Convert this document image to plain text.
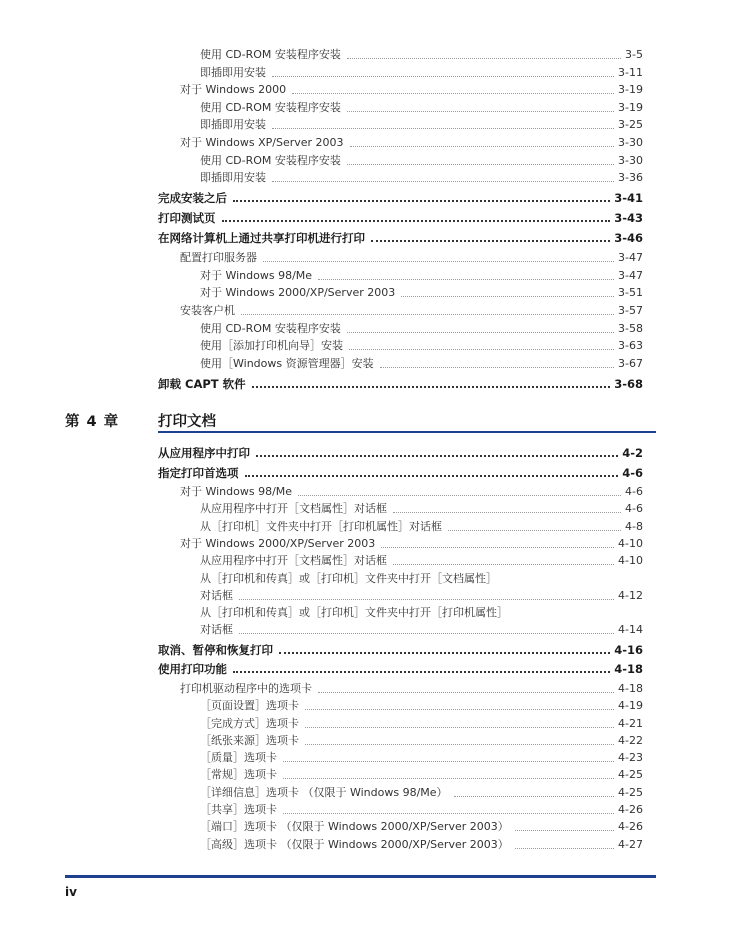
使用 CD-ROM 安装程序安装	3-5
即插即用安装	3-11
对于 Windows 2000	3-19
使用 CD-ROM 安装程序安装	3-19
即插即用安装	3-25
对于 Windows XP/Server 2003	3-30
使用 CD-ROM 安装程序安装	3-30
即插即用安装	3-36
完成安装之后	3-41
打印测试页	3-43
在网络计算机上通过共享打印机进行打印	3-46
配置打印服务器	3-47
对于 Windows 98/Me	3-47
对于 Windows 2000/XP/Server 2003	3-51
安装客户机	3-57
使用 CD-ROM 安装程序安装	3-58
使用［添加打印机向导］安装	3-63
使用［Windows 资源管理器］安装	3-67
卸载 CAPT 软件	3-68
第 4 章	打印文档
从应用程序中打印	4-2
指定打印首选项	4-6
对于 Windows 98/Me	4-6
从应用程序中打开［文档属性］对话框	4-6
从［打印机］文件夹中打开［打印机属性］对话框	4-8
对于 Windows 2000/XP/Server 2003	4-10
从应用程序中打开［文档属性］对话框	4-10
从［打印机和传真］或［打印机］文件夹中打开［文档属性］
对话框	4-12
从［打印机和传真］或［打印机］文件夹中打开［打印机属性］
对话框	4-14
取消、暂停和恢复打印	4-16
使用打印功能	4-18
打印机驱动程序中的选项卡	4-18
［页面设置］选项卡	4-19
［完成方式］选项卡	4-21
［纸张来源］选项卡	4-22
［质量］选项卡	4-23
［常规］选项卡	4-25
［详细信息］选项卡 （仅限于 Windows 98/Me）	4-25
［共享］选项卡	4-26
［端口］选项卡 （仅限于 Windows 2000/XP/Server 2003）	4-26
［高级］选项卡 （仅限于 Windows 2000/XP/Server 2003）	4-27
iv
